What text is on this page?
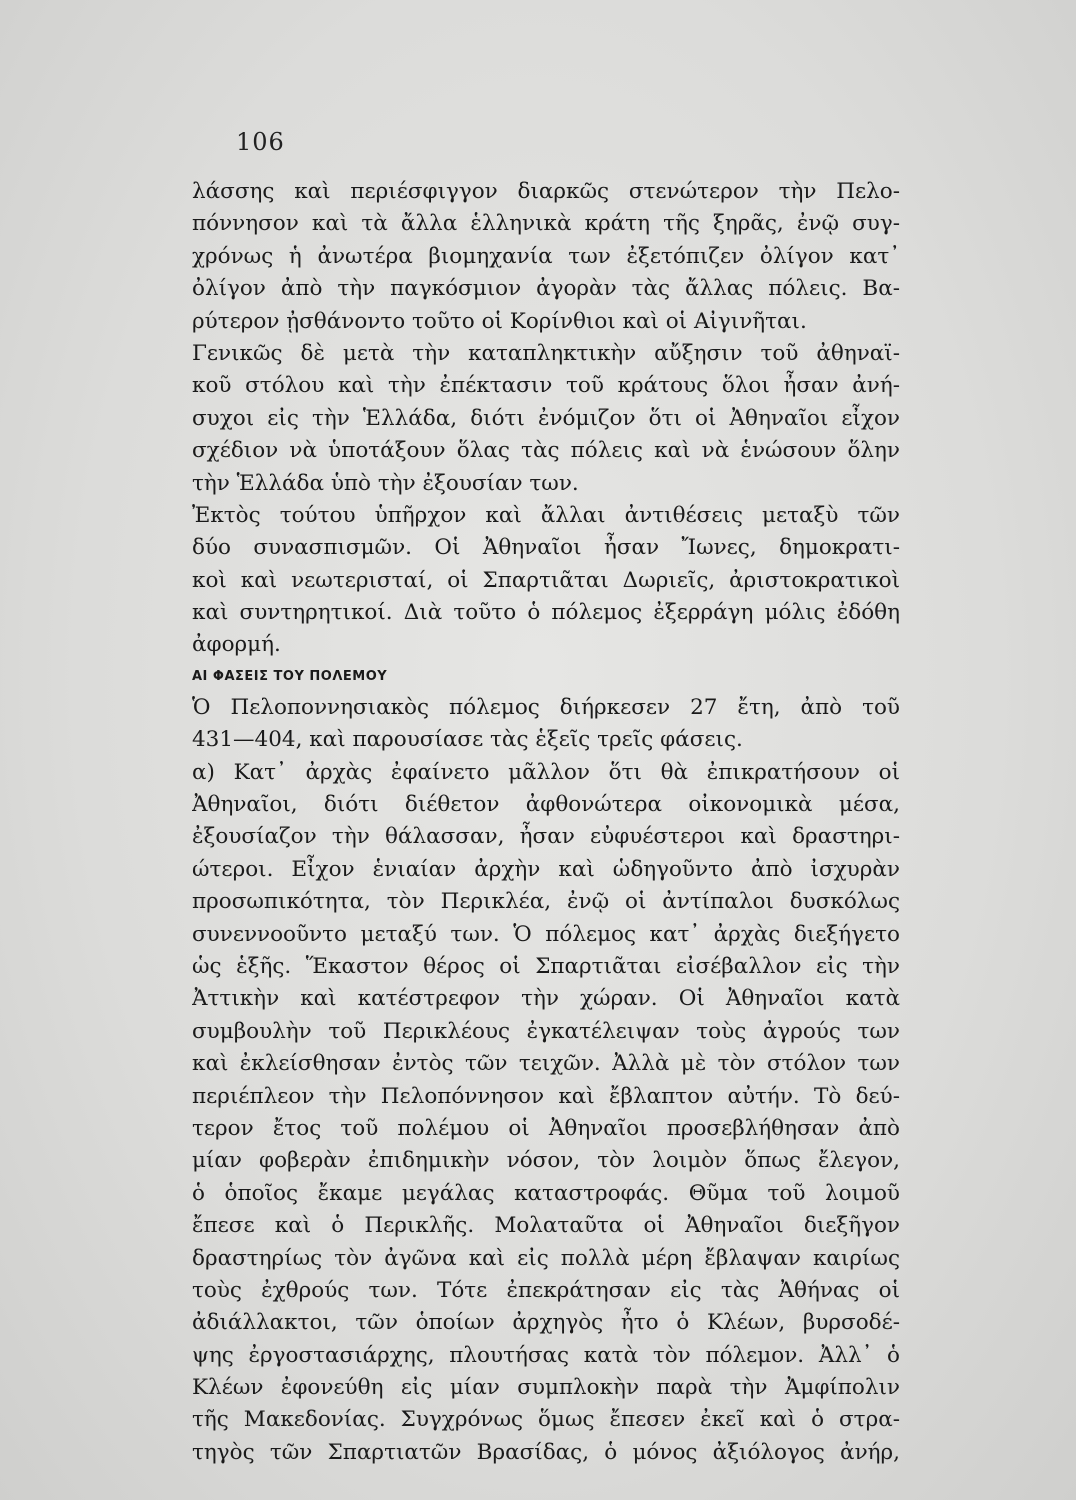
106
λάσσης καὶ περιέσφιγγον διαρκῶς στενώτερον τὴν Πελο-
πόννησον καὶ τὰ ἄλλα ἑλληνικὰ κράτη τῆς ξηρᾶς, ἐνῷ συγ-
χρόνως ἡ ἀνωτέρα βιομηχανία των ἐξετόπιζεν ὀλίγον κατ᾽
ὀλίγον ἀπὸ τὴν παγκόσμιον ἀγορὰν τὰς ἄλλας πόλεις. Βα-
ρύτερον ᾐσθάνοντο τοῦτο οἱ Κορίνθιοι καὶ οἱ Αἰγινῆται.
Γενικῶς δὲ μετὰ τὴν καταπληκτικὴν αὔξησιν τοῦ ἀθηναϊ-
κοῦ στόλου καὶ τὴν ἐπέκτασιν τοῦ κράτους ὅλοι ἦσαν ἀνή-
συχοι εἰς τὴν Ἑλλάδα, διότι ἐνόμιζον ὅτι οἱ Ἀθηναῖοι εἶχον
σχέδιον νὰ ὑποτάξουν ὅλας τὰς πόλεις καὶ νὰ ἑνώσουν ὅλην
τὴν Ἑλλάδα ὑπὸ τὴν ἐξουσίαν των.
Ἐκτὸς τούτου ὑπῆρχον καὶ ἄλλαι ἀντιθέσεις μεταξὺ τῶν
δύο συνασπισμῶν. Οἱ Ἀθηναῖοι ἦσαν Ἴωνες, δημοκρατι-
κοὶ καὶ νεωτερισταί, οἱ Σπαρτιᾶται Δωριεῖς, ἀριστοκρατικοὶ
καὶ συντηρητικοί. Διὰ τοῦτο ὁ πόλεμος ἐξερράγη μόλις ἐδόθη
ἀφορμή.
ΑΙ ΦΑΣΕΙΣ ΤΟΥ ΠΟΛΕΜΟΥ
Ὁ Πελοποννησιακὸς πόλεμος διήρκεσεν 27 ἔτη, ἀπὸ τοῦ
431—404, καὶ παρουσίασε τὰς ἑξεῖς τρεῖς φάσεις.
α) Κατ᾽ ἀρχὰς ἐφαίνετο μᾶλλον ὅτι θὰ ἐπικρατήσουν οἱ
Ἀθηναῖοι, διότι διέθετον ἀφθονώτερα οἰκονομικὰ μέσα,
ἐξουσίαζον τὴν θάλασσαν, ἦσαν εὐφυέστεροι καὶ δραστηρι-
ώτεροι. Εἶχον ἑνιαίαν ἀρχὴν καὶ ὡδηγοῦντο ἀπὸ ἰσχυρὰν
προσωπικότητα, τὸν Περικλέα, ἐνῷ οἱ ἀντίπαλοι δυσκόλως
συνεννοοῦντο μεταξύ των. Ὁ πόλεμος κατ᾽ ἀρχὰς διεξήγετο
ὡς ἑξῆς. Ἕκαστον θέρος οἱ Σπαρτιᾶται εἰσέβαλλον εἰς τὴν
Ἀττικὴν καὶ κατέστρεφον τὴν χώραν. Οἱ Ἀθηναῖοι κατὰ
συμβουλὴν τοῦ Περικλέους ἐγκατέλειψαν τοὺς ἀγρούς των
καὶ ἐκλείσθησαν ἐντὸς τῶν τειχῶν. Ἀλλὰ μὲ τὸν στόλον των
περιέπλεον τὴν Πελοπόννησον καὶ ἔβλαπτον αὐτήν. Τὸ δεύ-
τερον ἔτος τοῦ πολέμου οἱ Ἀθηναῖοι προσεβλήθησαν ἀπὸ
μίαν φοβερὰν ἐπιδημικὴν νόσον, τὸν λοιμὸν ὅπως ἔλεγον,
ὁ ὁποῖος ἔκαμε μεγάλας καταστροφάς. Θῦμα τοῦ λοιμοῦ
ἔπεσε καὶ ὁ Περικλῆς. Μολαταῦτα οἱ Ἀθηναῖοι διεξῆγον
δραστηρίως τὸν ἀγῶνα καὶ εἰς πολλὰ μέρη ἔβλαψαν καιρίως
τοὺς ἐχθρούς των. Τότε ἐπεκράτησαν εἰς τὰς Ἀθήνας οἱ
ἀδιάλλακτοι, τῶν ὁποίων ἀρχηγὸς ἦτο ὁ Κλέων, βυρσοδέ-
ψης ἐργοστασιάρχης, πλουτήσας κατὰ τὸν πόλεμον. Ἀλλ᾽ ὁ
Κλέων ἐφονεύθη εἰς μίαν συμπλοκὴν παρὰ τὴν Ἀμφίπολιν
τῆς Μακεδονίας. Συγχρόνως ὅμως ἔπεσεν ἐκεῖ καὶ ὁ στρα-
τηγὸς τῶν Σπαρτιατῶν Βρασίδας, ὁ μόνος ἀξιόλογος ἀνήρ,
